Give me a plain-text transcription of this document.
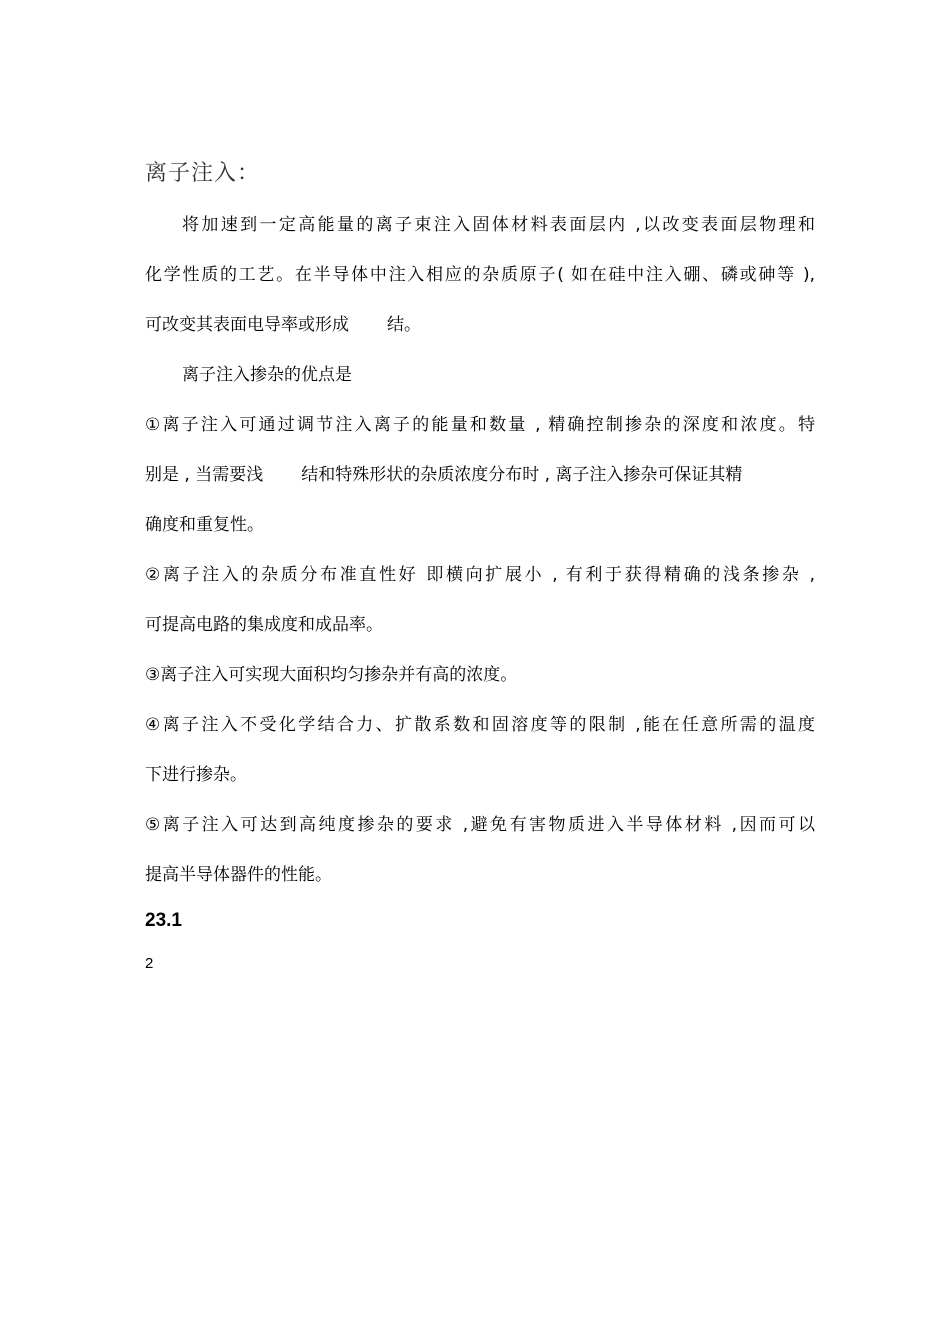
离子注入：
将加速到一定高能量的离子束注入固体材料表面层内 ,以改变表面层物理和
化学性质的工艺。在半导体中注入相应的杂质原子( 如在硅中注入硼、磷或砷等 ),
可改变其表面电导率或形成 结。
离子注入掺杂的优点是
①离子注入可通过调节注入离子的能量和数量 , 精确控制掺杂的深度和浓度。特
别是 , 当需要浅 结和特殊形状的杂质浓度分布时 , 离子注入掺杂可保证其精
确度和重复性。
②离子注入的杂质分布准直性好 即横向扩展小 , 有利于获得精确的浅条掺杂 ,
可提高电路的集成度和成品率。
③离子注入可实现大面积均匀掺杂并有高的浓度。
④离子注入不受化学结合力、扩散系数和固溶度等的限制 ,能在任意所需的温度
下进行掺杂。
⑤离子注入可达到高纯度掺杂的要求 ,避免有害物质进入半导体材料 ,因而可以
提高半导体器件的性能。
23.1
2
